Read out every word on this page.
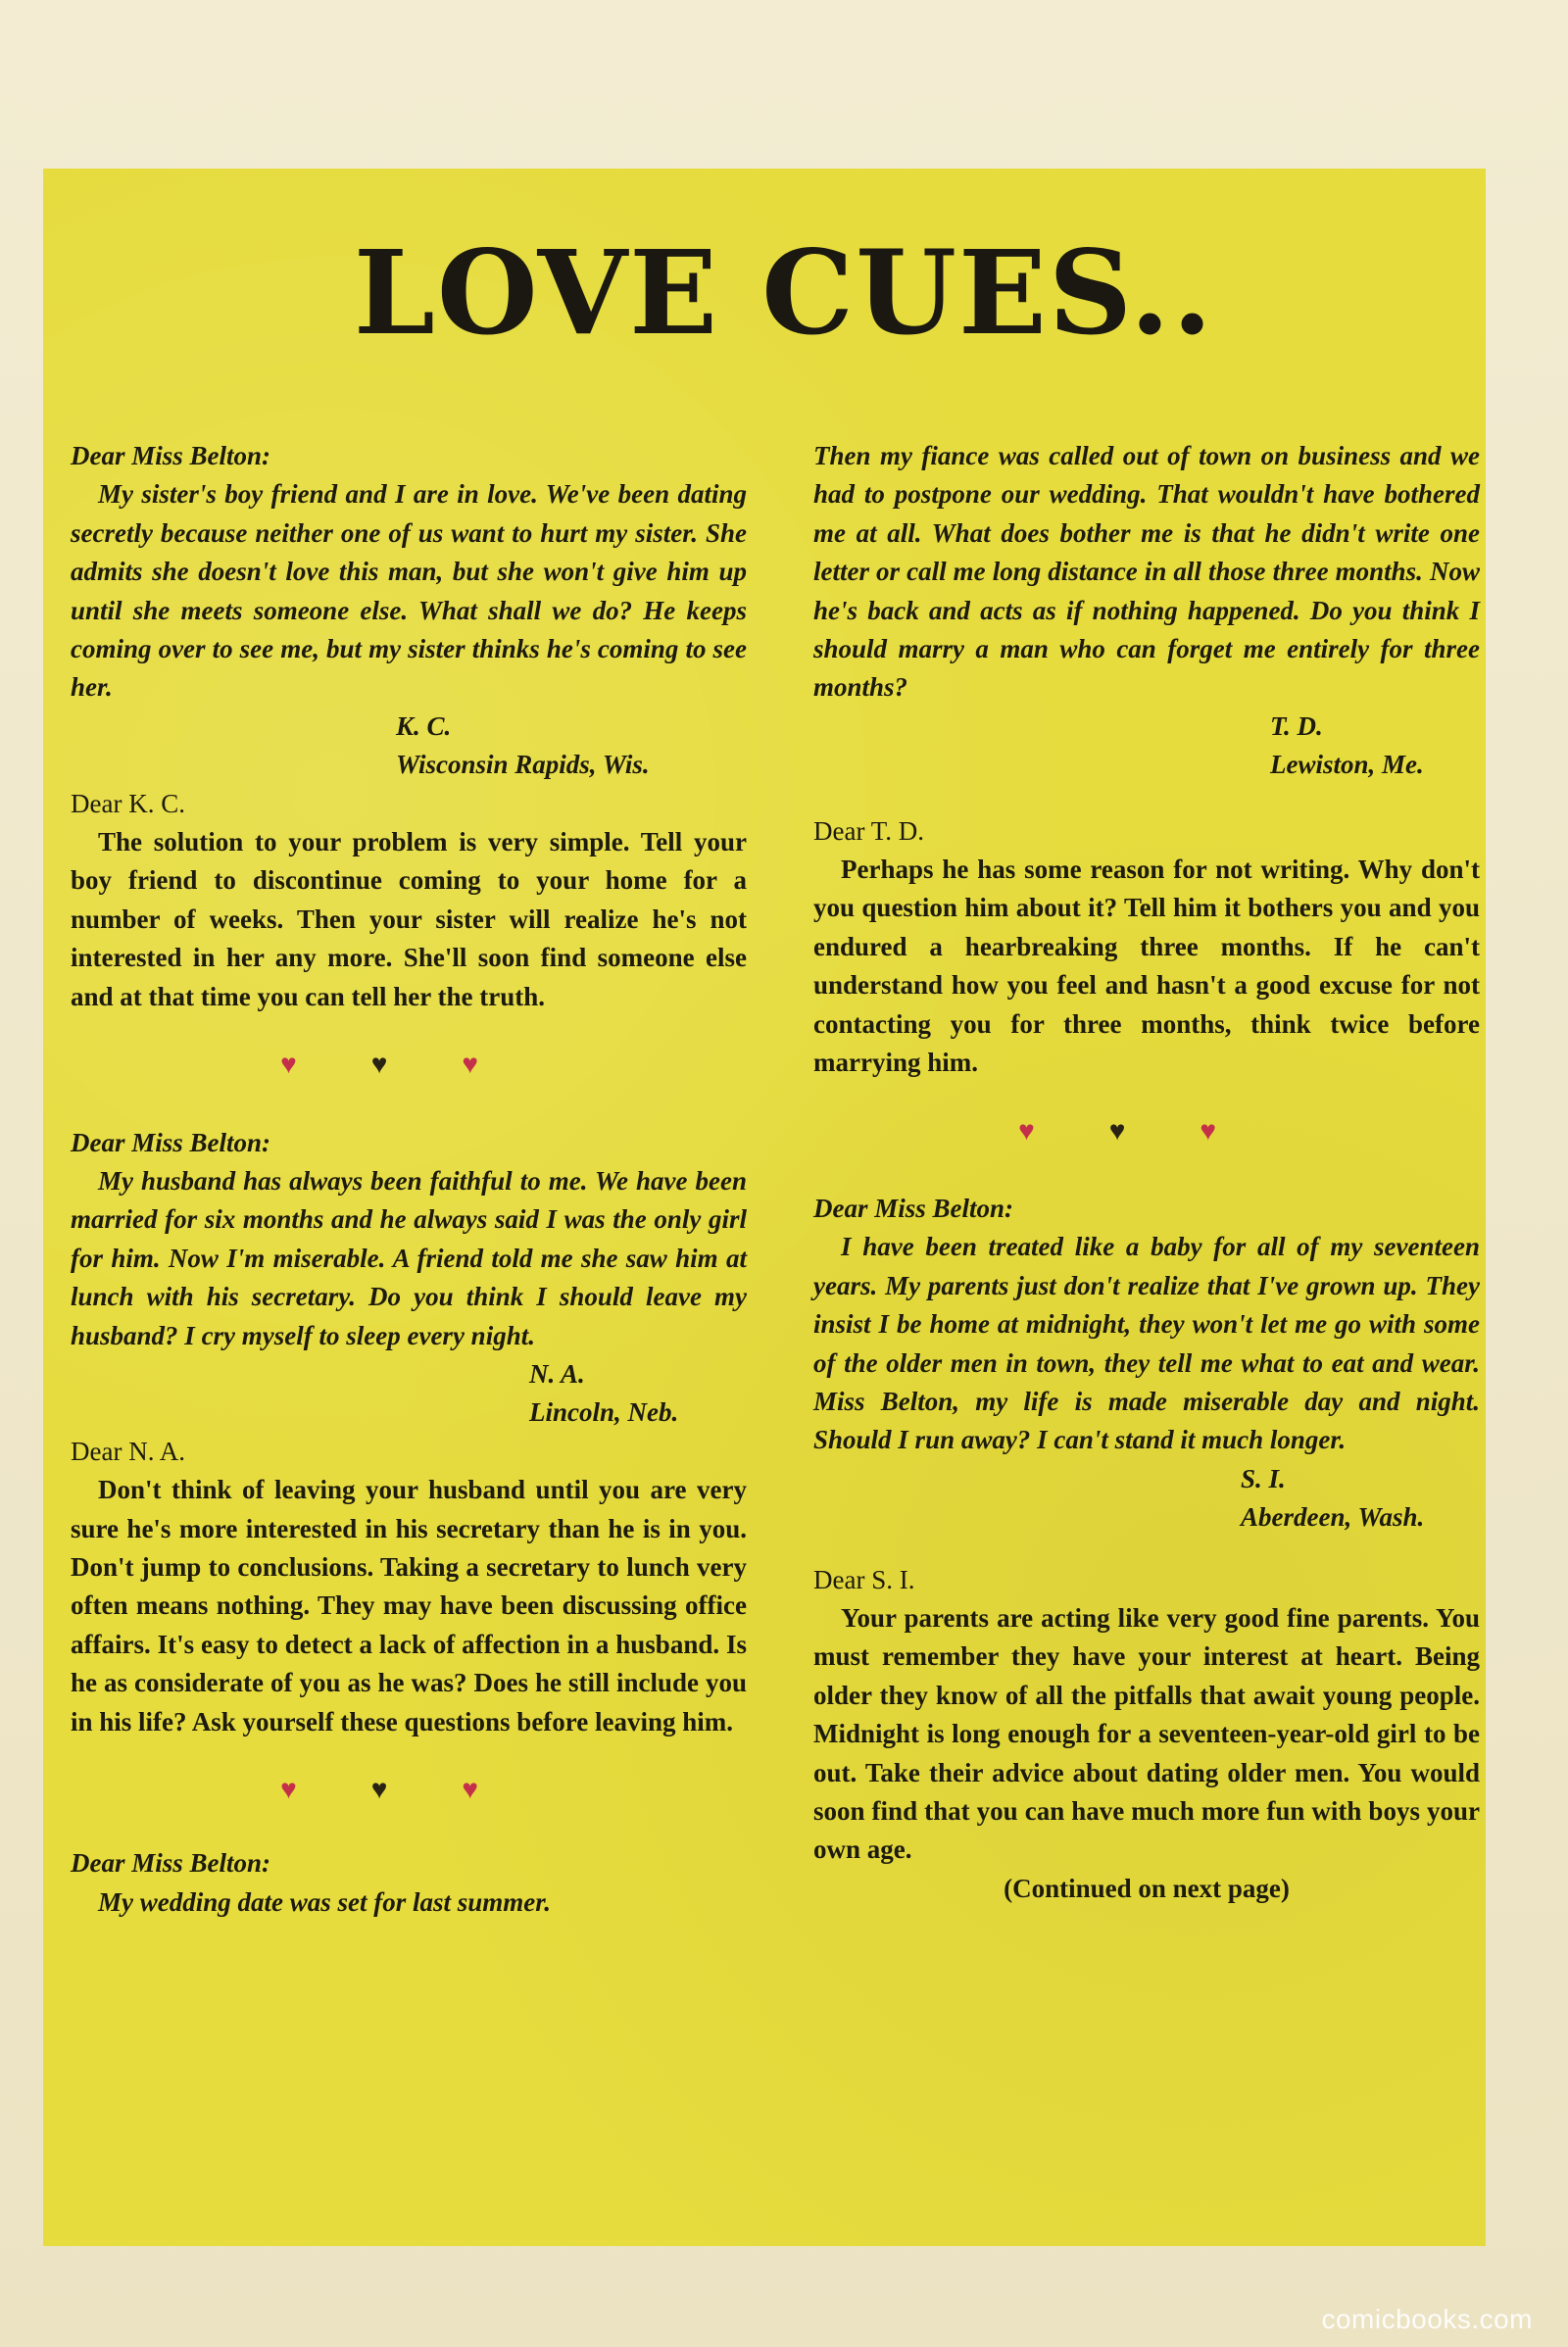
LOVE CUES..

Dear Miss Belton:

My sister's boy friend and I are in love. We've been dating secretly because neither one of us want to hurt my sister. She admits she doesn't love this man, but she won't give him up until she meets someone else. What shall we do? He keeps coming over to see me, but my sister thinks he's coming to see her.

K. C.

Wisconsin Rapids, Wis.

Dear K. C.

The solution to your problem is very simple. Tell your boy friend to discontinue coming to your home for a number of weeks. Then your sister will realize he's not interested in her any more. She'll soon find someone else and at that time you can tell her the truth.

♥	♥	♥

Dear Miss Belton:

My husband has always been faithful to me. We have been married for six months and he always said I was the only girl for him. Now I'm miserable. A friend told me she saw him at lunch with his secretary. Do you think I should leave my husband? I cry myself to sleep every night.

N. A.

Lincoln, Neb.

Dear N. A.

Don't think of leaving your husband until you are very sure he's more interested in his secretary than he is in you. Don't jump to conclusions. Taking a secretary to lunch very often means nothing. They may have been discussing office affairs. It's easy to detect a lack of affection in a husband. Is he as considerate of you as he was? Does he still include you in his life? Ask yourself these questions before leaving him.

♥	♥	♥

Dear Miss Belton:

My wedding date was set for last summer.

Then my fiance was called out of town on business and we had to postpone our wedding. That wouldn't have bothered me at all. What does bother me is that he didn't write one letter or call me long distance in all those three months. Now he's back and acts as if nothing happened. Do you think I should marry a man who can forget me entirely for three months?

T. D.

Lewiston, Me.

Dear T. D.

Perhaps he has some reason for not writing. Why don't you question him about it? Tell him it bothers you and you endured a hearbreaking three months. If he can't understand how you feel and hasn't a good excuse for not contacting you for three months, think twice before marrying him.

♥	♥	♥

Dear Miss Belton:

I have been treated like a baby for all of my seventeen years. My parents just don't realize that I've grown up. They insist I be home at midnight, they won't let me go with some of the older men in town, they tell me what to eat and wear. Miss Belton, my life is made miserable day and night. Should I run away? I can't stand it much longer.

S. I.

Aberdeen, Wash.

Dear S. I.

Your parents are acting like very good fine parents. You must remember they have your interest at heart. Being older they know of all the pitfalls that await young people. Midnight is long enough for a seventeen-year-old girl to be out. Take their advice about dating older men. You would soon find that you can have much more fun with boys your own age.

(Continued on next page)

comicbooks.com
